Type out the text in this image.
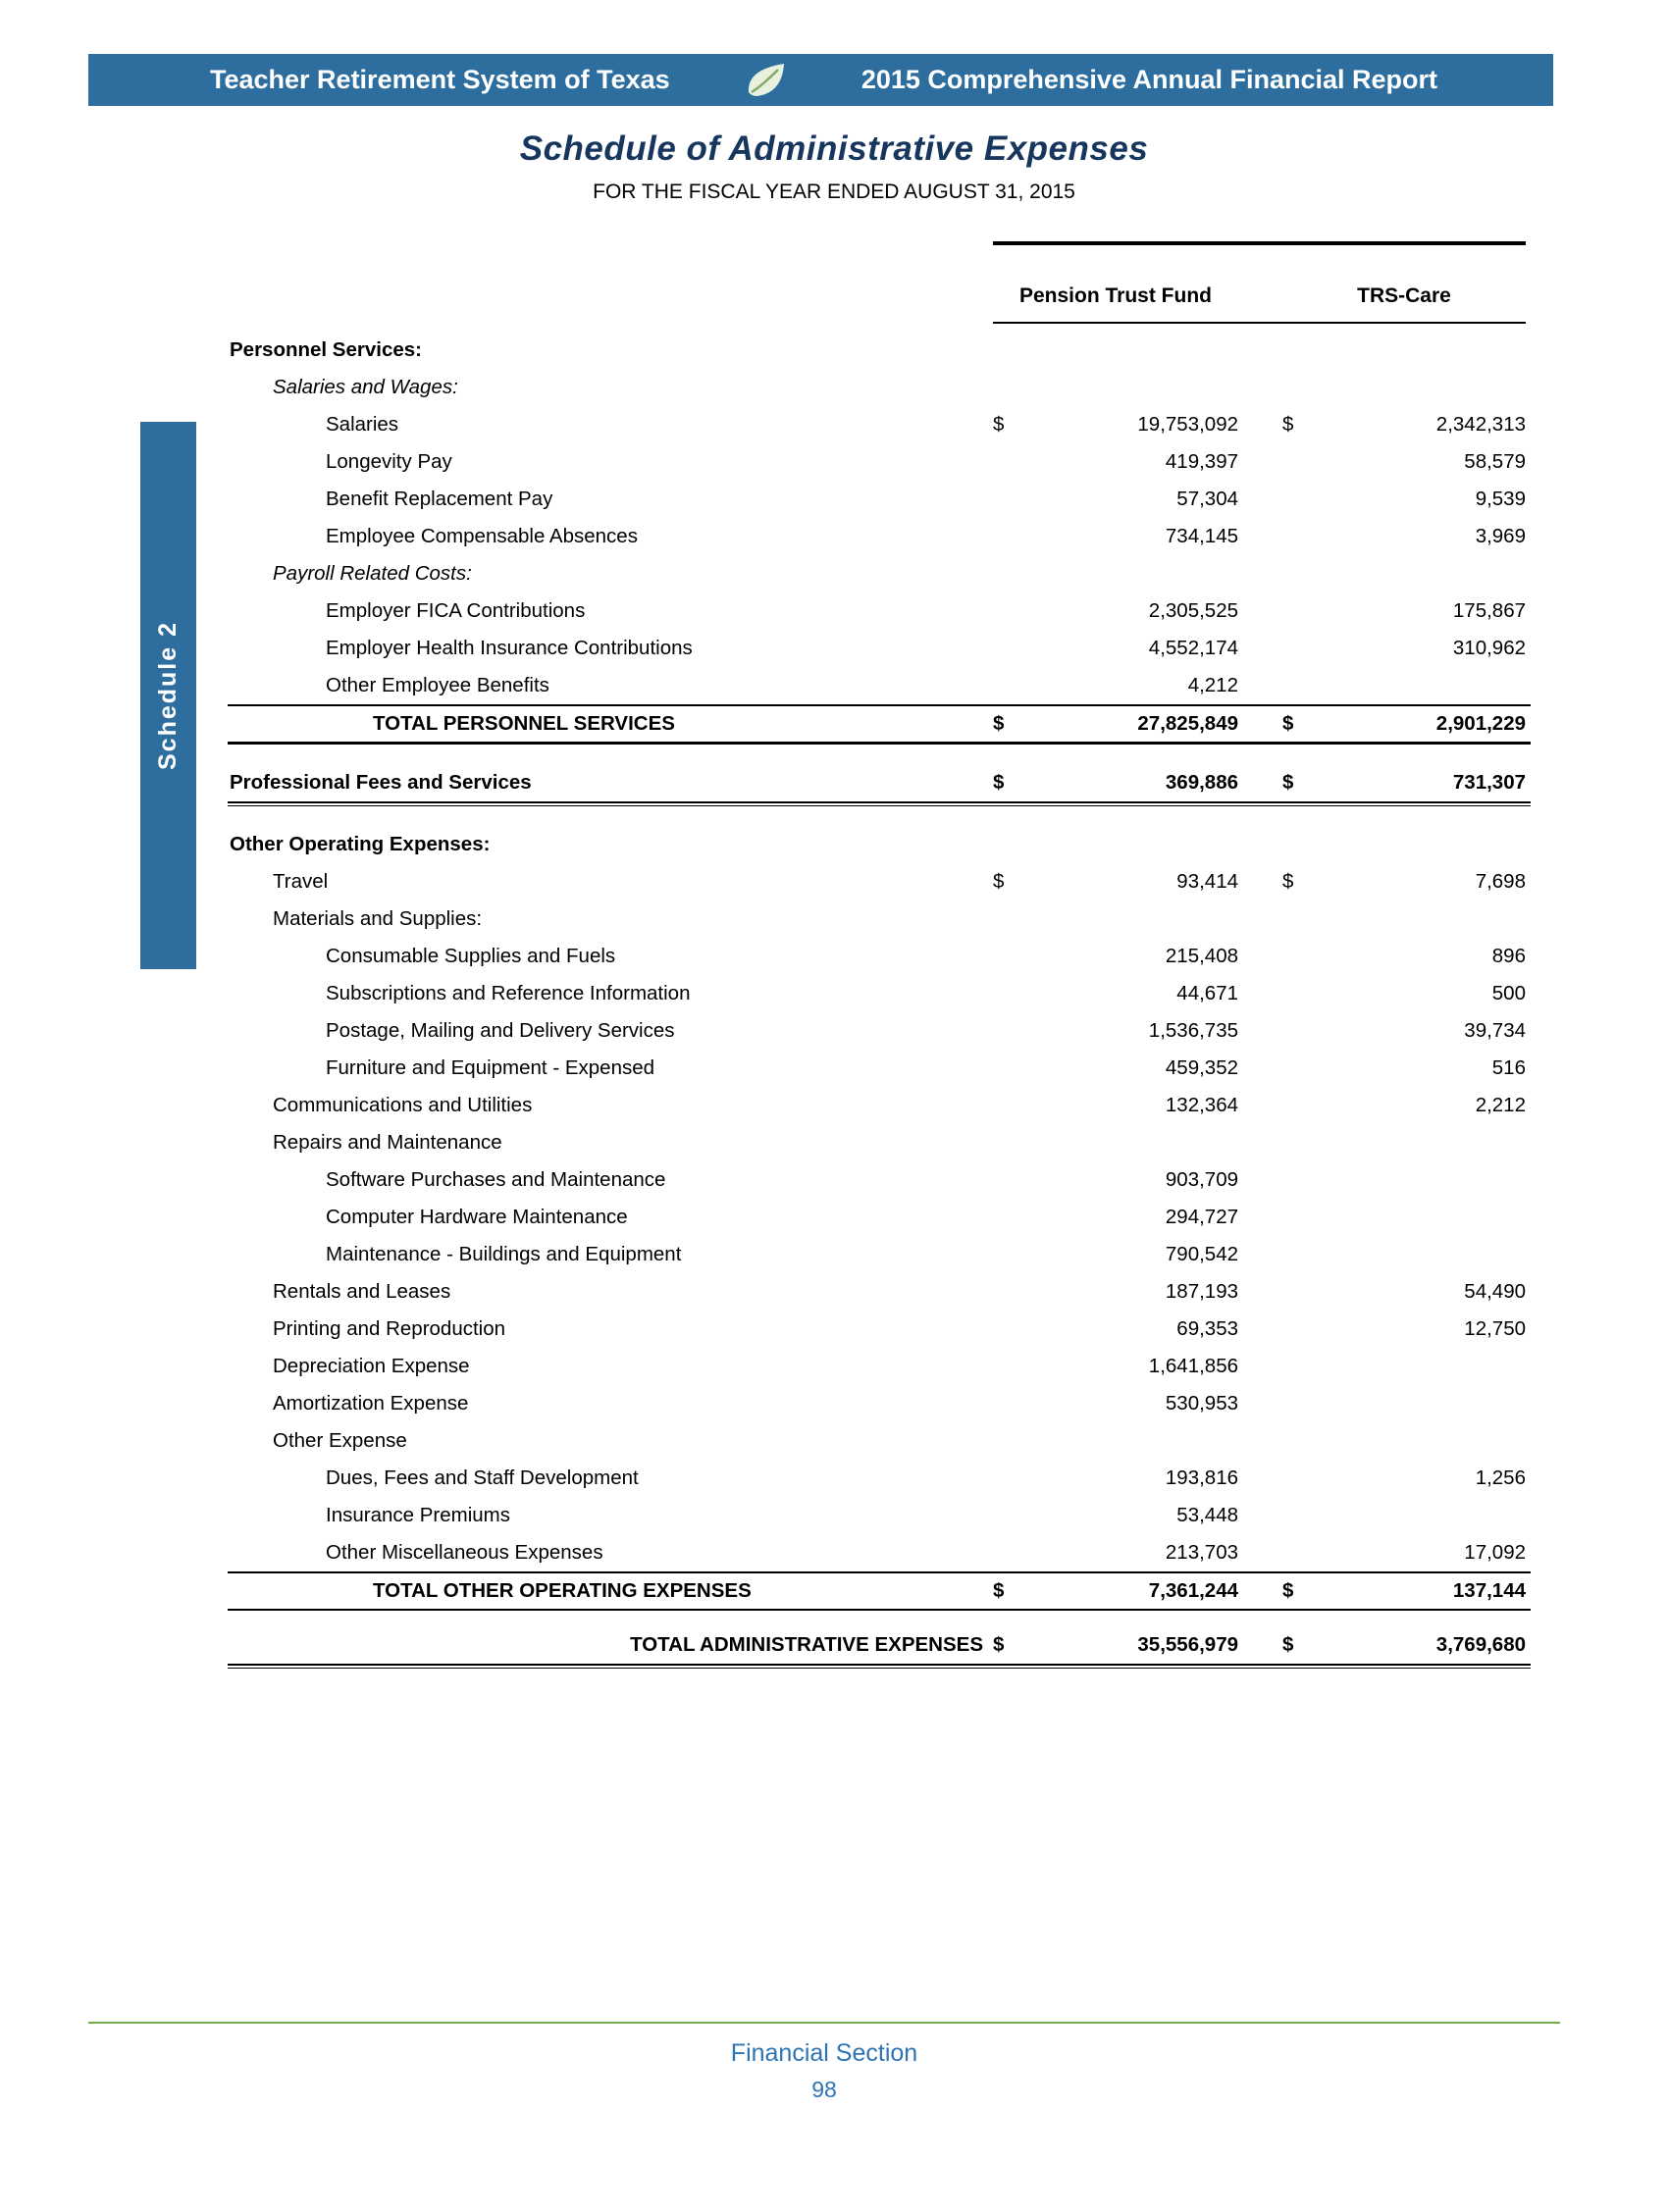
Teacher Retirement System of Texas	2015 Comprehensive Annual Financial Report
Schedule 2
Schedule of Administrative Expenses
FOR THE FISCAL YEAR ENDED AUGUST 31, 2015
Pension Trust Fund	TRS-Care
Personnel Services:
Salaries and Wages:
Salaries	$	19,753,092 $	2,342,313
Longevity Pay	419,397	58,579
Benefit Replacement Pay	57,304	9,539
Employee Compensable Absences	734,145	3,969
Payroll Related Costs:
Employer FICA Contributions	2,305,525	175,867
Employer Health Insurance Contributions	4,552,174	310,962
Other Employee Benefits	4,212
TOTAL PERSONNEL SERVICES	$	27,825,849 $	2,901,229
Professional Fees and Services	$	369,886 $	731,307
Other Operating Expenses:
Travel	$	93,414 $	7,698
Materials and Supplies:
Consumable Supplies and Fuels	215,408	896
Subscriptions and Reference Information	44,671	500
Postage, Mailing and Delivery Services	1,536,735	39,734
Furniture and Equipment - Expensed	459,352	516
Communications and Utilities	132,364	2,212
Repairs and Maintenance
Software Purchases and Maintenance	903,709
Computer Hardware Maintenance	294,727
Maintenance - Buildings and Equipment	790,542
Rentals and Leases	187,193	54,490
Printing and Reproduction	69,353	12,750
Depreciation Expense	1,641,856
Amortization Expense	530,953
Other Expense
Dues, Fees and Staff Development	193,816	1,256
Insurance Premiums	53,448
Other Miscellaneous Expenses	213,703	17,092
TOTAL OTHER OPERATING EXPENSES	$	7,361,244 $	137,144
TOTAL ADMINISTRATIVE EXPENSES $	35,556,979 $	3,769,680
Financial Section
98
